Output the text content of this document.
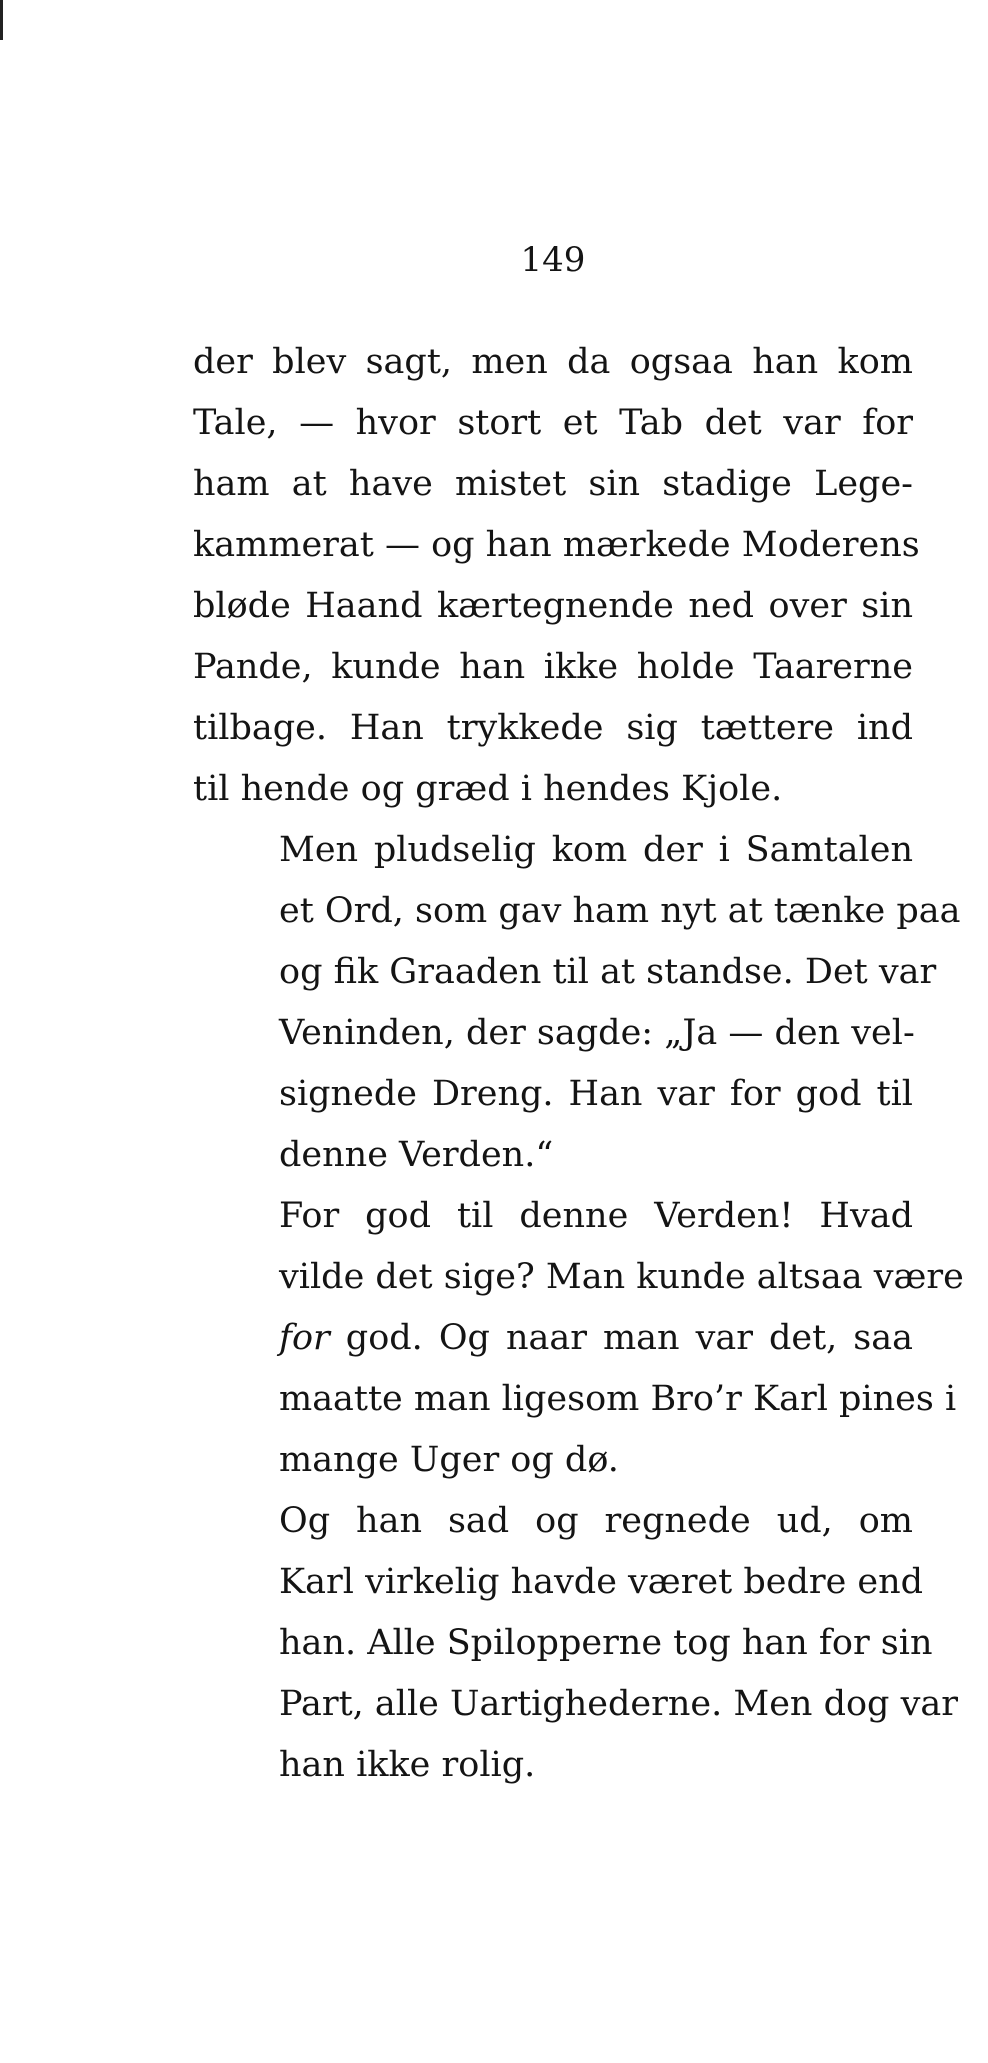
149

der blev sagt, men da ogsaa han kom
Tale, — hvor stort et Tab det var for
ham at have mistet sin stadige Lege-
kammerat — og han mærkede Moderens
bløde Haand kærtegnende ned over sin
Pande, kunde han ikke holde Taarerne
tilbage. Han trykkede sig tættere ind
til hende og græd i hendes Kjole.

Men pludselig kom der i Samtalen
et Ord, som gav ham nyt at tænke paa
og fik Graaden til at standse. Det var
Veninden, der sagde: „Ja — den vel-
signede Dreng. Han var for god til
denne Verden.“

For god til denne Verden! Hvad
vilde det sige? Man kunde altsaa være
for god. Og naar man var det, saa
maatte man ligesom Bro’r Karl pines i
mange Uger og dø.

Og han sad og regnede ud, om
Karl virkelig havde været bedre end
han. Alle Spilopperne tog han for sin
Part, alle Uartighederne. Men dog var
han ikke rolig.
